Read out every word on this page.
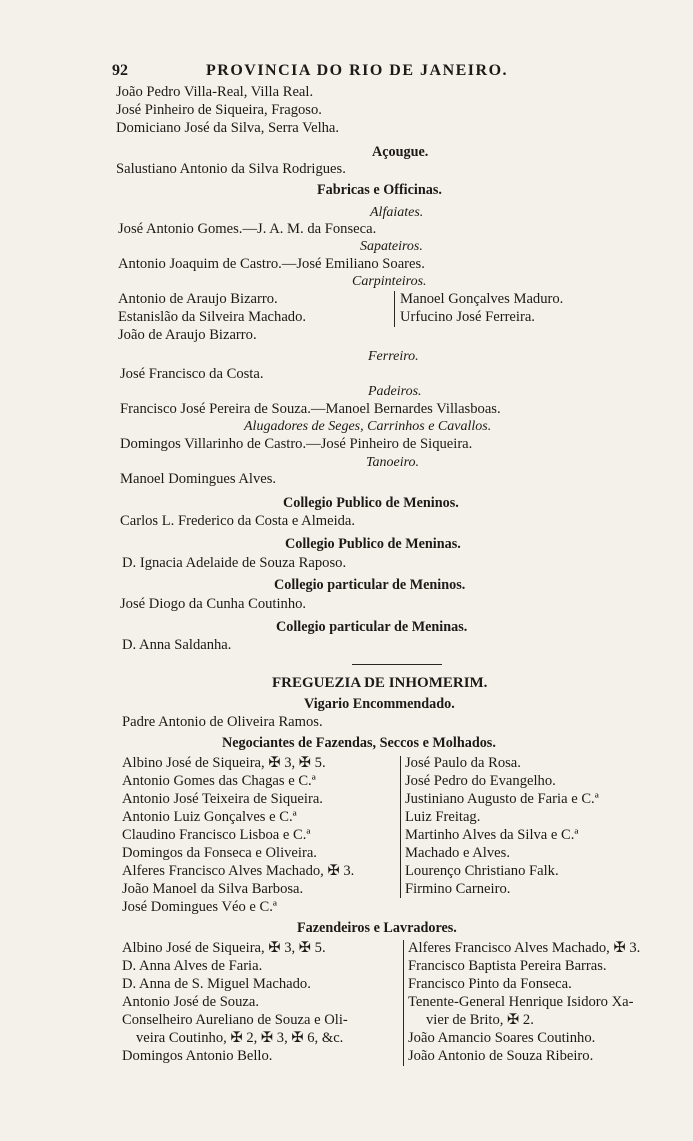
92	PROVINCIA DO RIO DE JANEIRO.
João Pedro Villa-Real, Villa Real.
José Pinheiro de Siqueira, Fragoso.
Domiciano José da Silva, Serra Velha.
Açougue.
Salustiano Antonio da Silva Rodrigues.
Fabricas e Officinas.
Alfaiates.
José Antonio Gomes.—J. A. M. da Fonseca.
Sapateiros.
Antonio Joaquim de Castro.—José Emiliano Soares.
Carpinteiros.
Antonio de Araujo Bizarro.
Estanislão da Silveira Machado.
João de Araujo Bizarro.
Manoel Gonçalves Maduro.
Urfucino José Ferreira.
Ferreiro.
José Francisco da Costa.
Padeiros.
Francisco José Pereira de Souza.—Manoel Bernardes Villasboas.
Alugadores de Seges, Carrinhos e Cavallos.
Domingos Villarinho de Castro.—José Pinheiro de Siqueira.
Tanoeiro.
Manoel Domingues Alves.
Collegio Publico de Meninos.
Carlos L. Frederico da Costa e Almeida.
Collegio Publico de Meninas.
D. Ignacia Adelaide de Souza Raposo.
Collegio particular de Meninos.
José Diogo da Cunha Coutinho.
Collegio particular de Meninas.
D. Anna Saldanha.
FREGUEZIA DE INHOMERIM.
Vigario Encommendado.
Padre Antonio de Oliveira Ramos.
Negociantes de Fazendas, Seccos e Molhados.
Albino José de Siqueira, ✠ 3, ✠ 5.
Antonio Gomes das Chagas e C.ª
Antonio José Teixeira de Siqueira.
Antonio Luiz Gonçalves e C.ª
Claudino Francisco Lisboa e C.ª
Domingos da Fonseca e Oliveira.
Alferes Francisco Alves Machado, ✠ 3.
João Manoel da Silva Barbosa.
José Domingues Véo e C.ª
José Paulo da Rosa.
José Pedro do Evangelho.
Justiniano Augusto de Faria e C.ª
Luiz Freitag.
Martinho Alves da Silva e C.ª
Machado e Alves.
Lourenço Christiano Falk.
Firmino Carneiro.
Fazendeiros e Lavradores.
Albino José de Siqueira, ✠ 3, ✠ 5.
D. Anna Alves de Faria.
D. Anna de S. Miguel Machado.
Antonio José de Souza.
Conselheiro Aureliano de Souza e Oli-
veira Coutinho, ✠ 2, ✠ 3, ✠ 6, &c.
Domingos Antonio Bello.
Alferes Francisco Alves Machado, ✠ 3.
Francisco Baptista Pereira Barras.
Francisco Pinto da Fonseca.
Tenente-General Henrique Isidoro Xa-
vier de Brito, ✠ 2.
João Amancio Soares Coutinho.
João Antonio de Souza Ribeiro.
